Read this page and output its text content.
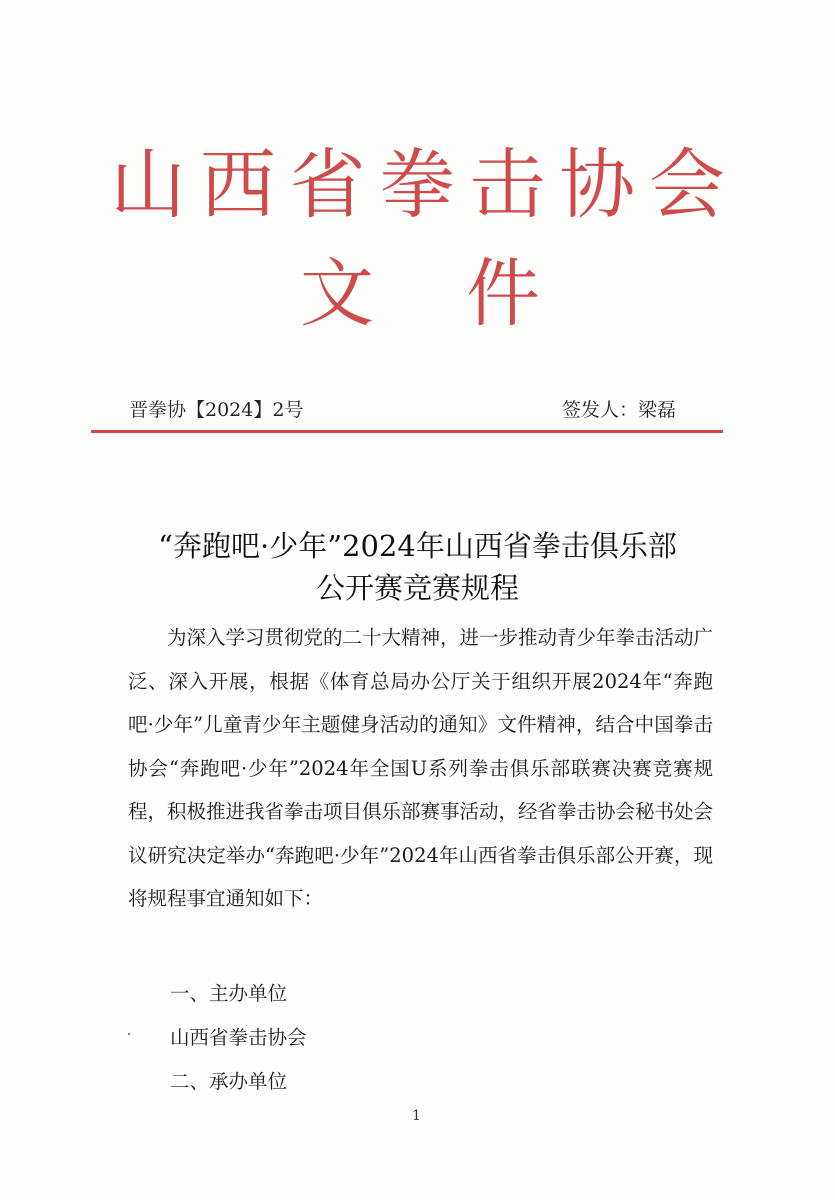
山 西 省 拳 击 协 会
文 件
晋拳协【2024】2号	签发人：梁磊
“奔跑吧·少年”2024年山西省拳击俱乐部
公开赛竞赛规程
为深入学习贯彻党的二十大精神，进一步推动青少年拳击活动广泛、深入开展，根据《体育总局办公厅关于组织开展2024年“奔跑吧·少年”儿童青少年主题健身活动的通知》文件精神，结合中国拳击协会“奔跑吧·少年”2024年全国U系列拳击俱乐部联赛决赛竞赛规程，积极推进我省拳击项目俱乐部赛事活动，经省拳击协会秘书处会议研究决定举办“奔跑吧·少年”2024年山西省拳击俱乐部公开赛，现将规程事宜通知如下：
一、主办单位
山西省拳击协会
二、承办单位
1
